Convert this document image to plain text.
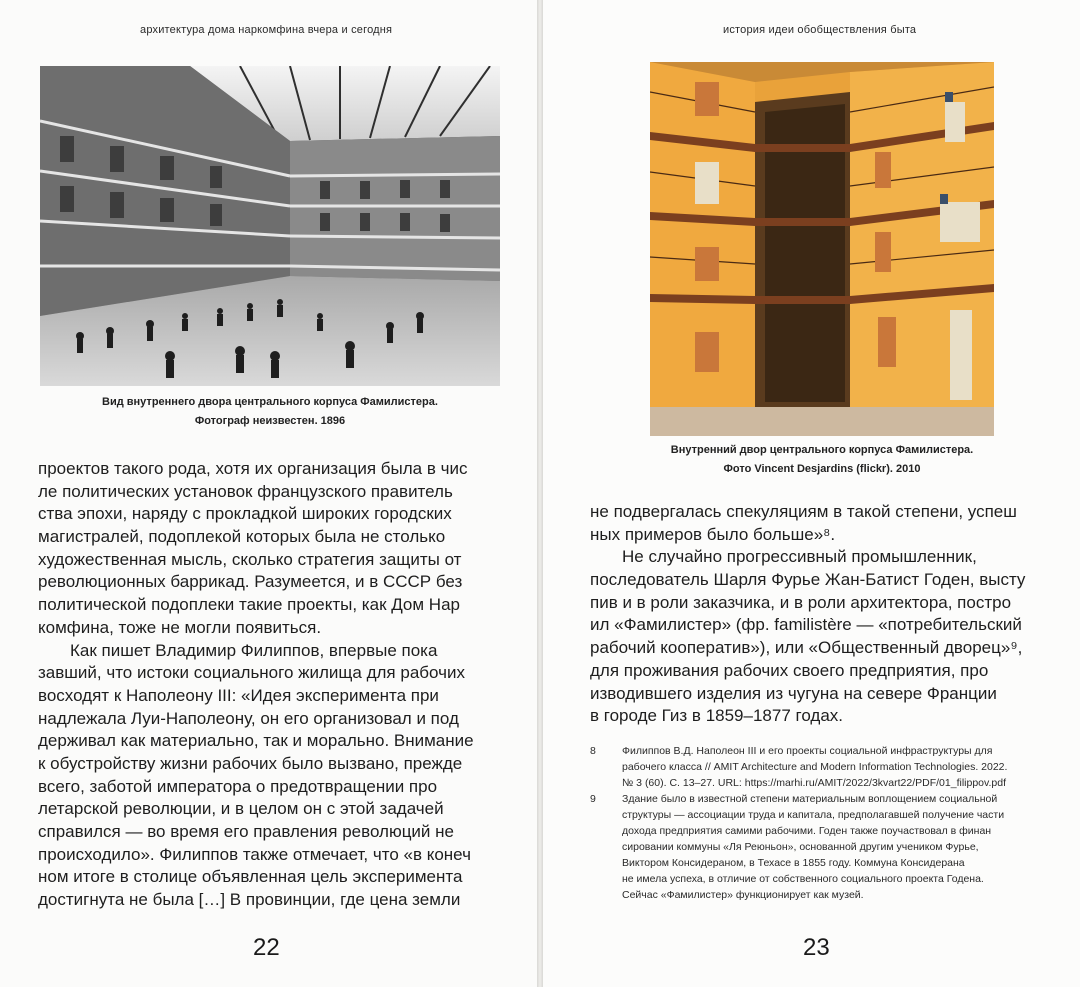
архитектура дома наркомфина вчера и сегодня
Вид внутреннего двора центрального корпуса Фамилистера.
Фотограф неизвестен. 1896
проектов такого рода, хотя их организация была в чис
ле политических установок французского правитель
ства эпохи, наряду с прокладкой широких городских
магистралей, подоплекой которых была не столько
художественная мысль, сколько стратегия защиты от
революционных баррикад. Разумеется, и в СССР без
политической подоплеки такие проекты, как Дом Нар
комфина, тоже не могли появиться.
Как пишет Владимир Филиппов, впервые пока
завший, что истоки социального жилища для рабочих
восходят к Наполеону III: «Идея эксперимента при
надлежала Луи-Наполеону, он его организовал и под
держивал как материально, так и морально. Внимание
к обустройству жизни рабочих было вызвано, прежде
всего, заботой императора о предотвращении про
летарской революции, и в целом он с этой задачей
справился — во время его правления революций не
происходило». Филиппов также отмечает, что «в конеч
ном итоге в столице объявленная цель эксперимента
достигнута не была […] В провинции, где цена земли
22
история идеи обобществления быта
Внутренний двор центрального корпуса Фамилистера.
Фото Vincent Desjardins (flickr). 2010
не подвергалась спекуляциям в такой степени, успеш
ных примеров было больше»⁸.
Не случайно прогрессивный промышленник,
последователь Шарля Фурье Жан-Батист Годен, высту
пив и в роли заказчика, и в роли архитектора, постро
ил «Фамилистер» (фр. familistère — «потребительский
рабочий кооператив»), или «Общественный дворец»⁹,
для проживания рабочих своего предприятия, про
изводившего изделия из чугуна на севере Франции
в городе Гиз в 1859–1877 годах.
8 Филиппов В.Д. Наполеон III и его проекты социальной инфраструктуры для
рабочего класса // AMIT Architecture and Modern Information Technologies. 2022.
№ 3 (60). С. 13–27. URL: https://marhi.ru/AMIT/2022/3kvart22/PDF/01_filippov.pdf
9 Здание было в известной степени материальным воплощением социальной
структуры — ассоциации труда и капитала, предполагавшей получение части
дохода предприятия самими рабочими. Годен также поучаствовал в финан
сировании коммуны «Ля Реюньон», основанной другим учеником Фурье,
Виктором Консидераном, в Техасе в 1855 году. Коммуна Консидерана
не имела успеха, в отличие от собственного социального проекта Годена.
Сейчас «Фамилистер» функционирует как музей.
23
